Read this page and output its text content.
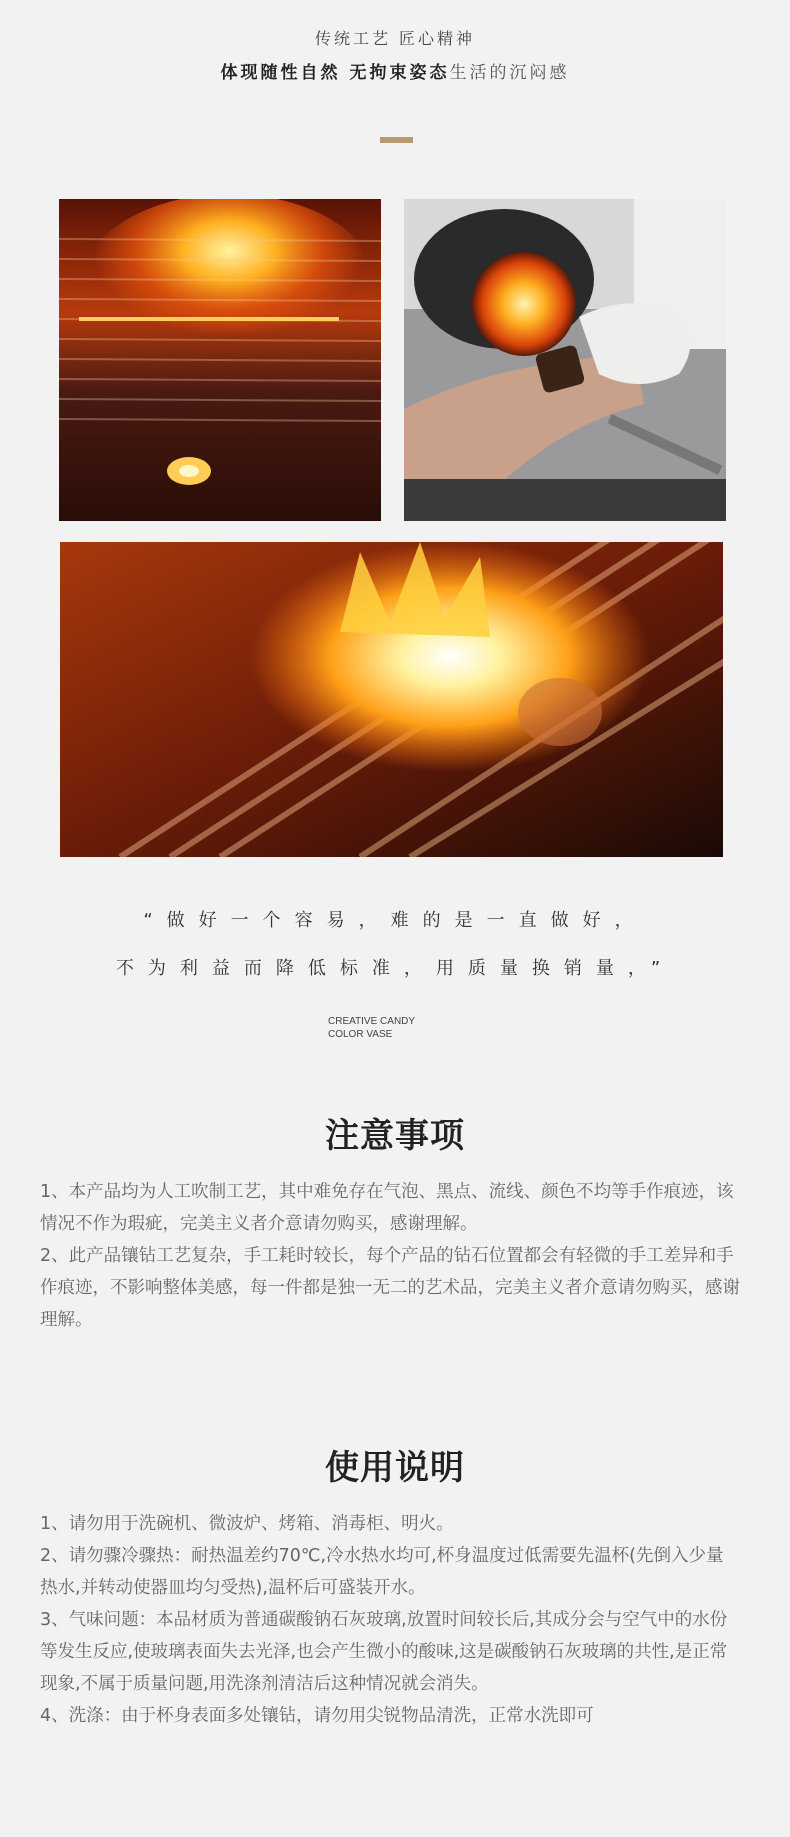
传统工艺 匠心精神
体现随性自然 无拘束姿态生活的沉闷感
“做好一个容易，难的是一直做好，
不为利益而降低标准，用质量换销量，”
CREATIVE CANDY
COLOR VASE
注意事项

1、本产品均为人工吹制工艺，其中难免存在气泡、黑点、流线、颜色不均等手作痕迹，该情况不作为瑕疵，完美主义者介意请勿购买，感谢理解。

2、此产品镶钻工艺复杂，手工耗时较长，每个产品的钻石位置都会有轻微的手工差异和手作痕迹，不影响整体美感，每一件都是独一无二的艺术品，完美主义者介意请勿购买，感谢理解。

使用说明

1、请勿用于洗碗机、微波炉、烤箱、消毒柜、明火。

2、请勿骤冷骤热：耐热温差约70℃,冷水热水均可,杯身温度过低需要先温杯(先倒入少量热水,并转动使器皿均匀受热),温杯后可盛装开水。

3、气味问题：本品材质为普通碳酸钠石灰玻璃,放置时间较长后,其成分会与空气中的水份等发生反应,使玻璃表面失去光泽,也会产生微小的酸味,这是碳酸钠石灰玻璃的共性,是正常现象,不属于质量问题,用洗涤剂清洁后这种情况就会消失。

4、洗涤：由于杯身表面多处镶钻，请勿用尖锐物品清洗，正常水洗即可
